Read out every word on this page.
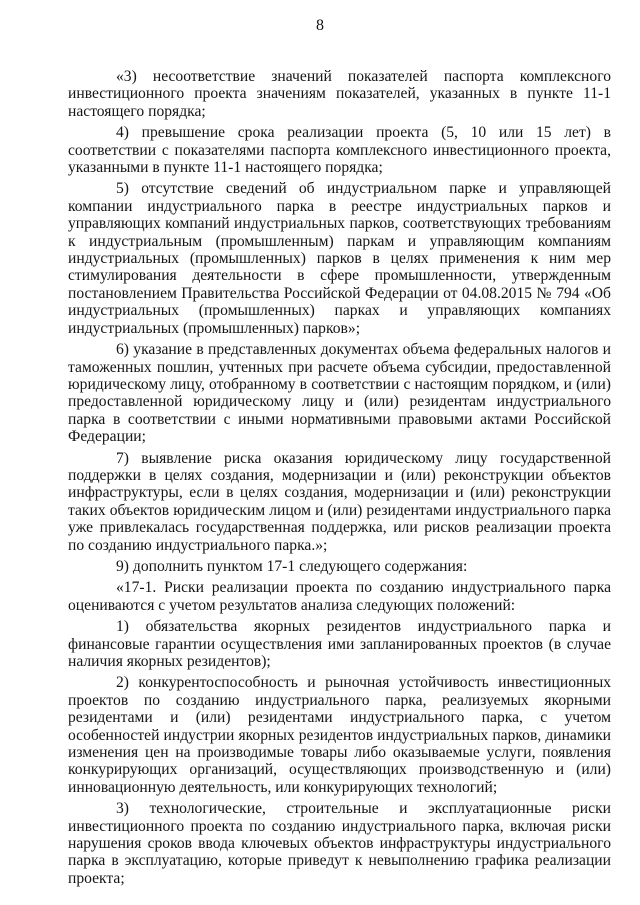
8

«3) несоответствие значений показателей паспорта комплексного инвестиционного проекта значениям показателей, указанных в пункте 11-1 настоящего порядка;

4) превышение срока реализации проекта (5, 10 или 15 лет) в соответствии с показателями паспорта комплексного инвестиционного проекта, указанными в пункте 11-1 настоящего порядка;

5) отсутствие сведений об индустриальном парке и управляющей компании индустриального парка в реестре индустриальных парков и управляющих компаний индустриальных парков, соответствующих требованиям к индустриальным (промышленным) паркам и управляющим компаниям индустриальных (промышленных) парков в целях применения к ним мер стимулирования деятельности в сфере промышленности, утвержденным постановлением Правительства Российской Федерации от 04.08.2015 № 794 «Об индустриальных (промышленных) парках и управляющих компаниях индустриальных (промышленных) парков»;

6) указание в представленных документах объема федеральных налогов и таможенных пошлин, учтенных при расчете объема субсидии, предоставленной юридическому лицу, отобранному в соответствии с настоящим порядком, и (или) предоставленной юридическому лицу и (или) резидентам индустриального парка в соответствии с иными нормативными правовыми актами Российской Федерации;

7) выявление риска оказания юридическому лицу государственной поддержки в целях создания, модернизации и (или) реконструкции объектов инфраструктуры, если в целях создания, модернизации и (или) реконструкции таких объектов юридическим лицом и (или) резидентами индустриального парка уже привлекалась государственная поддержка, или рисков реализации проекта по созданию индустриального парка.»;

9) дополнить пунктом 17-1 следующего содержания:

«17-1. Риски реализации проекта по созданию индустриального парка оцениваются с учетом результатов анализа следующих положений:

1) обязательства якорных резидентов индустриального парка и финансовые гарантии осуществления ими запланированных проектов (в случае наличия якорных резидентов);

2) конкурентоспособность и рыночная устойчивость инвестиционных проектов по созданию индустриального парка, реализуемых якорными резидентами и (или) резидентами индустриального парка, с учетом особенностей индустрии якорных резидентов индустриальных парков, динамики изменения цен на производимые товары либо оказываемые услуги, появления конкурирующих организаций, осуществляющих производственную и (или) инновационную деятельность, или конкурирующих технологий;

3) технологические, строительные и эксплуатационные риски инвестиционного проекта по созданию индустриального парка, включая риски нарушения сроков ввода ключевых объектов инфраструктуры индустриального парка в эксплуатацию, которые приведут к невыполнению графика реализации проекта;
